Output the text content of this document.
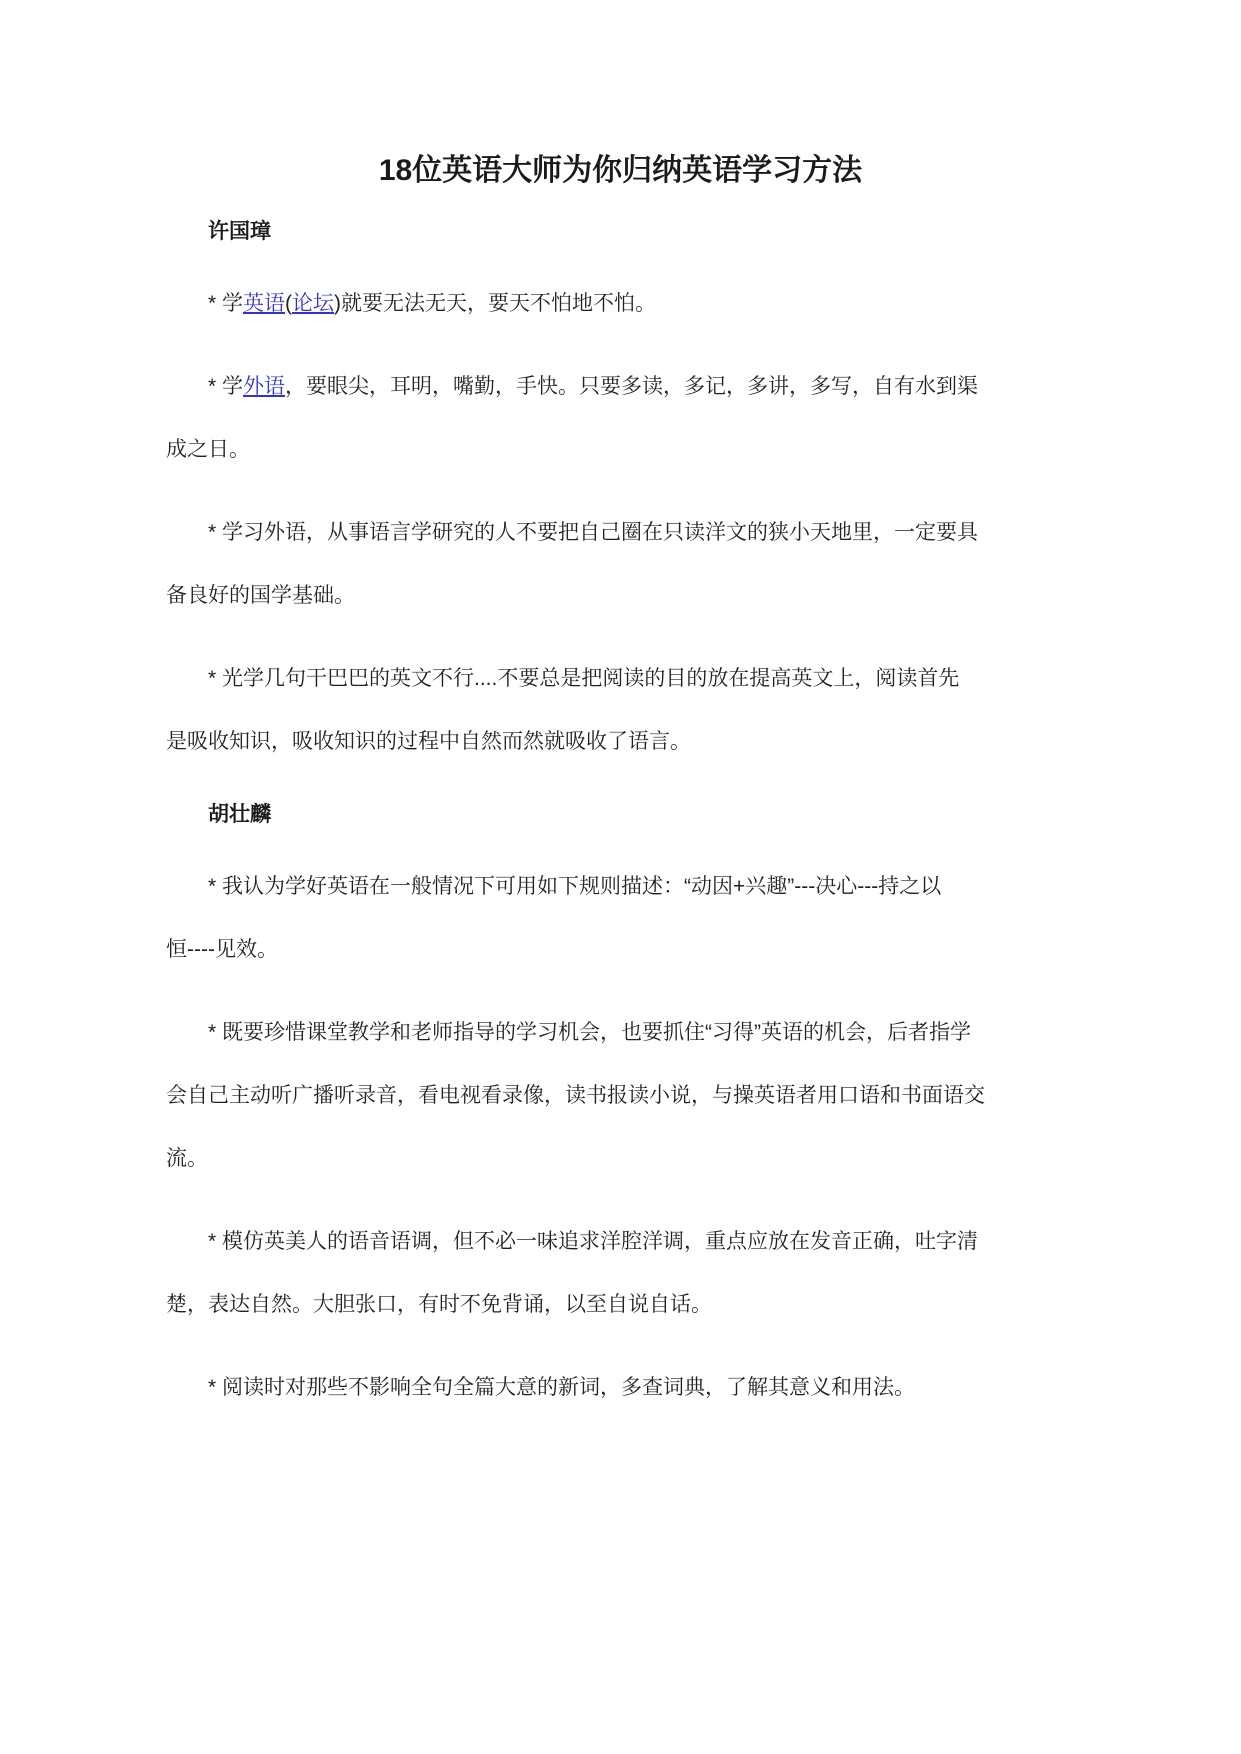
18位英语大师为你归纳英语学习方法
许国璋
* 学英语(论坛)就要无法无天，要天不怕地不怕。
* 学外语，要眼尖，耳明，嘴勤，手快。只要多读，多记，多讲，多写，自有水到渠
成之日。
* 学习外语，从事语言学研究的人不要把自己圈在只读洋文的狭小天地里，一定要具
备良好的国学基础。
* 光学几句干巴巴的英文不行....不要总是把阅读的目的放在提高英文上，阅读首先
是吸收知识，吸收知识的过程中自然而然就吸收了语言。
胡壮麟
* 我认为学好英语在一般情况下可用如下规则描述：“动因+兴趣”---决心---持之以
恒----见效。
* 既要珍惜课堂教学和老师指导的学习机会，也要抓住“习得”英语的机会，后者指学
会自己主动听广播听录音，看电视看录像，读书报读小说，与操英语者用口语和书面语交
流。
* 模仿英美人的语音语调，但不必一味追求洋腔洋调，重点应放在发音正确，吐字清
楚，表达自然。大胆张口，有时不免背诵，以至自说自话。
* 阅读时对那些不影响全句全篇大意的新词，多查词典，了解其意义和用法。
